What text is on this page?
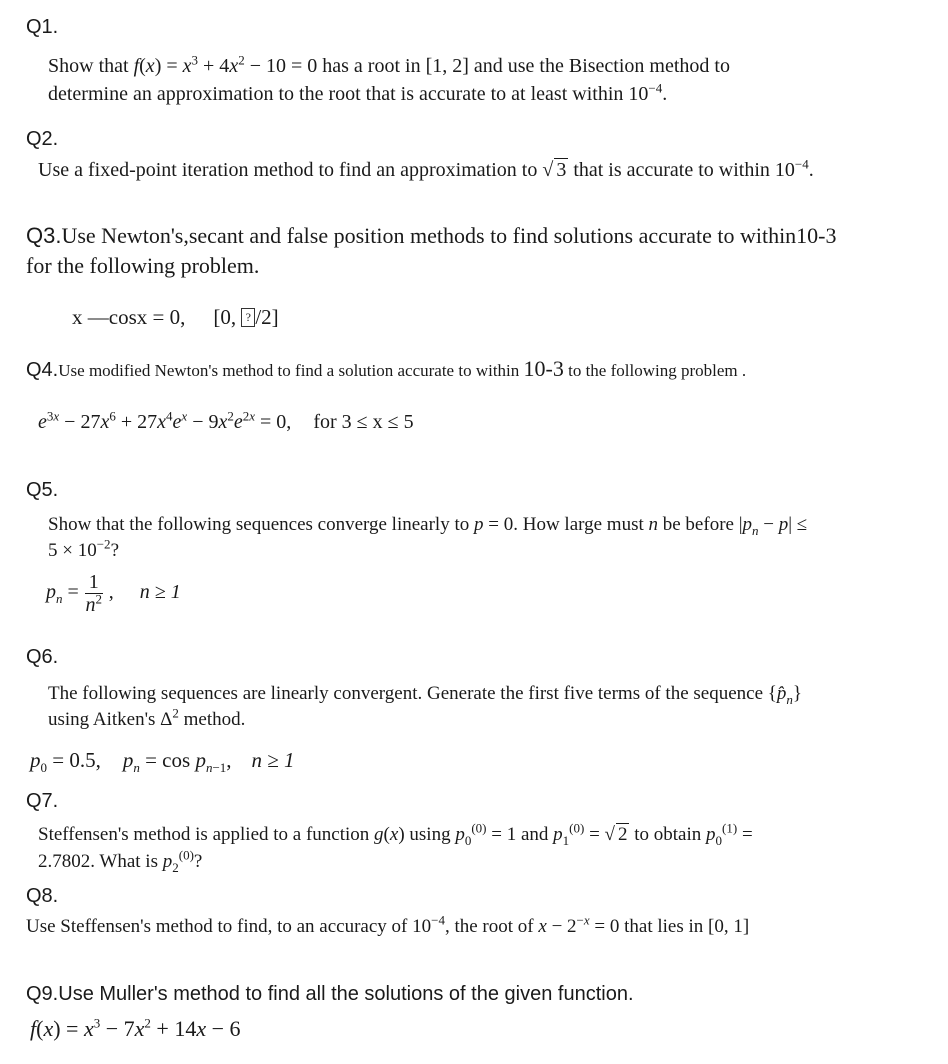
Q1.
Show that $f(x) = x^3 + 4x^2 - 10 = 0$ has a root in [1, 2] and use the Bisection method to
determine an approximation to the root that is accurate to at least within $10^{-4}$.
Q2.
Use a fixed-point iteration method to find an approximation to √ 3 that is accurate to within $10^{-4}$.
Q3.Use Newton's,secant and false position methods to find solutions accurate to within10-3
for the following problem.
x —cosx = 0, [0, ? /2]
Q4.Use modified Newton's method to find a solution accurate to within 10-3 to the following problem .
$e^{3x} - 27x^6 + 27x^4e^x - 9x^2e^{2x} = 0$, for 3 ≤ x ≤ 5
Q5.
Show that the following sequences converge linearly to p = 0. How large must n be before $|p_n - p|$ ≤
$5 \times 10^{-2}$?
$p_n = \frac{1}{n^2}$ , n ≥ 1
Q6.
The following sequences are linearly convergent. Generate the first five terms of the sequence $\{p̂_n\}$
using Aitken's $\Delta^2$ method.
$p_0 = 0.5$, $p_n = \cos p_{n-1}$, n ≥ 1
Q7.
Steffensen's method is applied to a function g(x) using $p_0^{(0)} = 1$ and $p_1^{(0)}$ = √ 2 to obtain $p_0^{(1)}$ =
2.7802. What is $p_2^{(0)}$?
Q8.
Use Steffensen's method to find, to an accuracy of $10^{-4}$, the root of $x - 2^{-x} = 0$ that lies in [0, 1]
Q9.Use Muller's method to find all the solutions of the given function.
$f(x) = x^3 - 7x^2 + 14x - 6$
